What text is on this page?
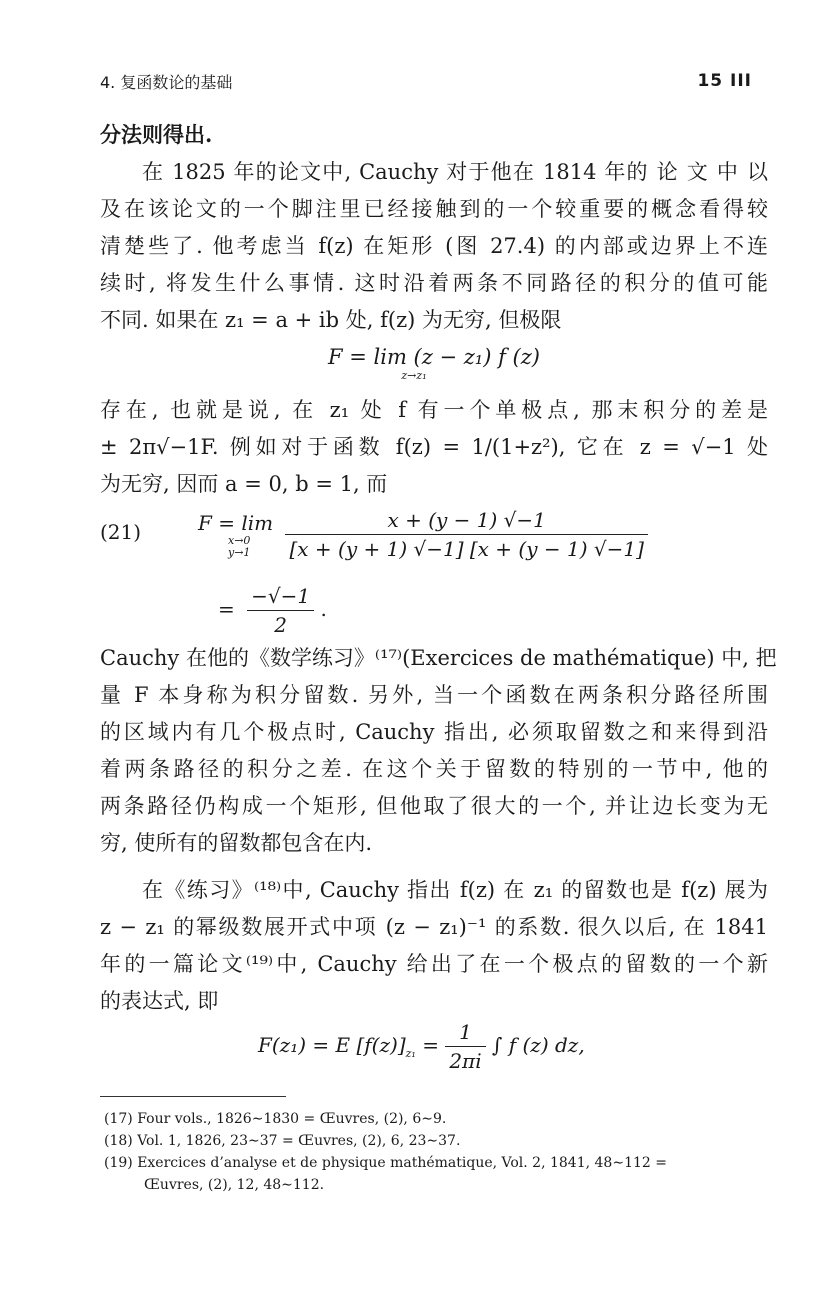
4. 复函数论的基础	15 III

分法则得出.

在 1825 年的论文中, Cauchy 对于他在 1814 年的 论 文 中 以
及在该论文的一个脚注里已经接触到的一个较重要的概念看得较
清楚些了. 他考虑当 f(z) 在矩形 (图 27.4) 的内部或边界上不连
续时, 将发生什么事情. 这时沿着两条不同路径的积分的值可能
不同. 如果在 z₁ = a + ib 处, f(z) 为无穷, 但极限

F = lim (z − z₁) f (z)
z→z₁

存在, 也就是说, 在 z₁ 处 f 有一个单极点, 那末积分的差是
± 2π√−1F. 例如对于函数 f(z) = 1/(1+z²), 它在 z = √−1 处
为无穷, 因而 a = 0, b = 1, 而

(21)	F = lim
x→0
y→1
	$\frac{x + (y - 1) √-1}{[x + (y + 1) √-1] [x + (y - 1) √-1]}$
= $\frac{-√-1}{2}$ .

Cauchy 在他的《数学练习》⁽¹⁷⁾(Exercices de mathématique) 中, 把
量 F 本身称为积分留数. 另外, 当一个函数在两条积分路径所围
的区域内有几个极点时, Cauchy 指出, 必须取留数之和来得到沿
着两条路径的积分之差. 在这个关于留数的特别的一节中, 他的
两条路径仍构成一个矩形, 但他取了很大的一个, 并让边长变为无
穷, 使所有的留数都包含在内.

在《练习》⁽¹⁸⁾中, Cauchy 指出 f(z) 在 z₁ 的留数也是 f(z) 展为
z − z₁ 的幂级数展开式中项 (z − z₁)⁻¹ 的系数. 很久以后, 在 1841
年的一篇论文⁽¹⁹⁾中, Cauchy 给出了在一个极点的留数的一个新
的表达式, 即

F(z₁) = E $[f(z)]_{z_1} = \frac{1}{2\pi i}$ ∫ f (z) dz,
(17) Four vols., 1826∼1830 = Œuvres, (2), 6∼9.
(18) Vol. 1, 1826, 23∼37 = Œuvres, (2), 6, 23∼37.
(19) Exercices d’analyse et de physique mathématique, Vol. 2, 1841, 48∼112 =
Œuvres, (2), 12, 48∼112.
